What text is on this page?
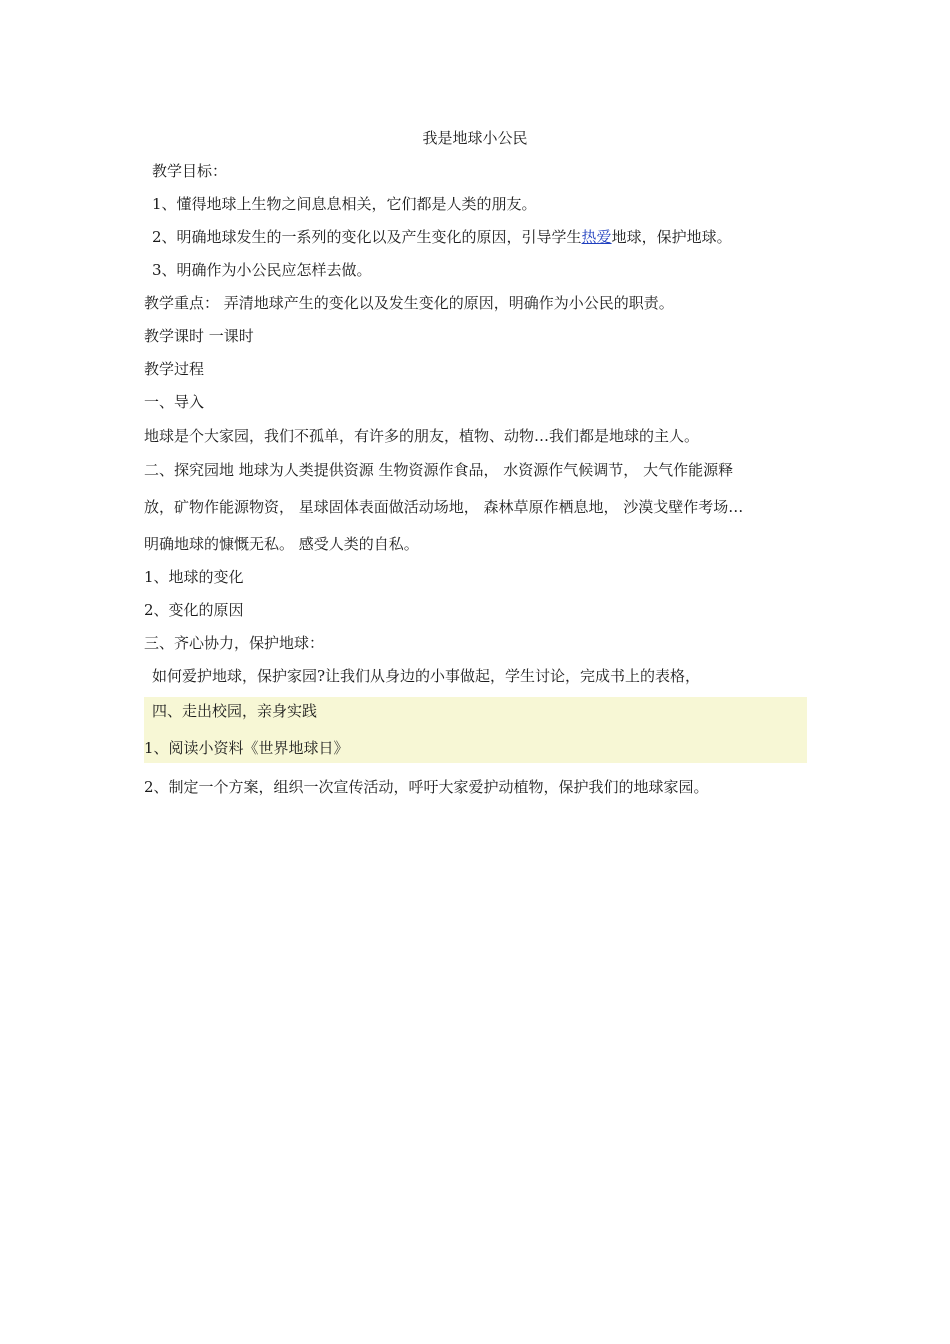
我是地球小公民
教学目标：
1、懂得地球上生物之间息息相关，它们都是人类的朋友。
2、明确地球发生的一系列的变化以及产生变化的原因，引导学生热爱地球，保护地球。
3、明确作为小公民应怎样去做。
教学重点： 弄清地球产生的变化以及发生变化的原因，明确作为小公民的职责。
教学课时 一课时
教学过程
一、导入
地球是个大家园，我们不孤单，有许多的朋友，植物、动物…我们都是地球的主人。
二、探究园地 地球为人类提供资源 生物资源作食品， 水资源作气候调节， 大气作能源释
放，矿物作能源物资， 星球固体表面做活动场地， 森林草原作栖息地， 沙漠戈壁作考场…
明确地球的慷慨无私。 感受人类的自私。
1、地球的变化
2、变化的原因
三、齐心协力，保护地球：
如何爱护地球，保护家园?让我们从身边的小事做起，学生讨论，完成书上的表格，
四、走出校园，亲身实践
1、阅读小资料《世界地球日》
2、制定一个方案，组织一次宣传活动，呼吁大家爱护动植物，保护我们的地球家园。
